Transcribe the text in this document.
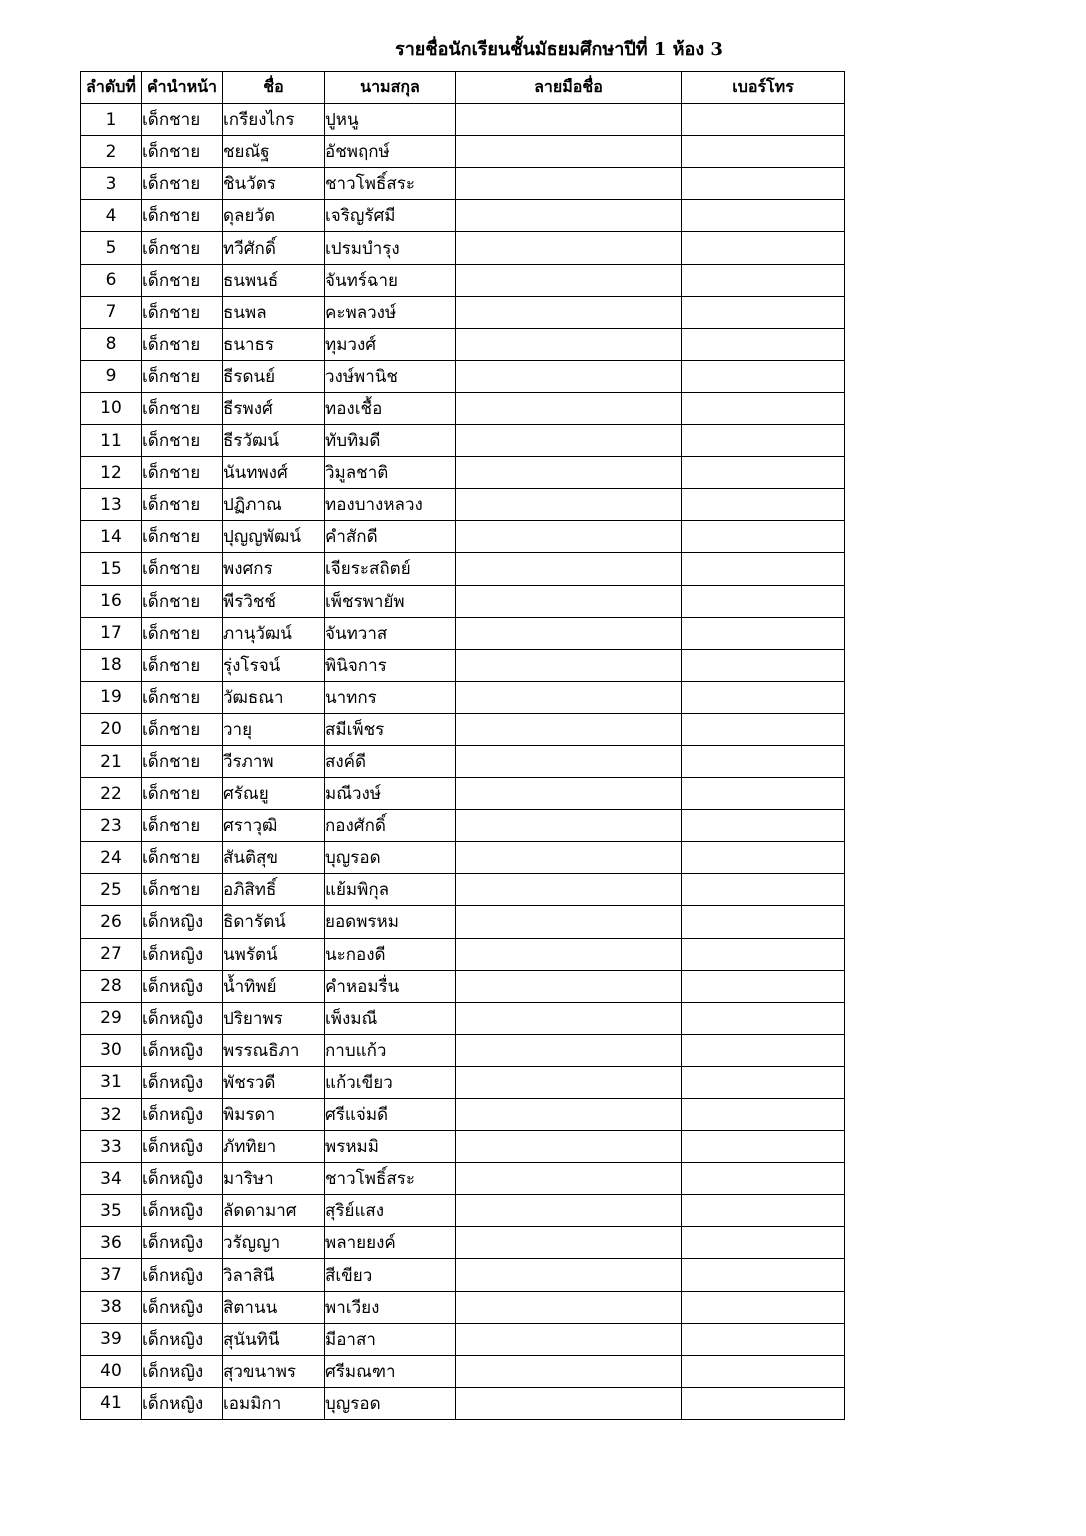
รายชื่อนักเรียนชั้นมัธยมศึกษาปีที่ 1 ห้อง 3
ลำดับที่	คำนำหน้า	ชื่อ	นามสกุล	ลายมือชื่อ	เบอร์โทร
1	เด็กชาย	เกรียงไกร	ปูหนู		
2	เด็กชาย	ชยณัฐ	อัชพฤกษ์		
3	เด็กชาย	ชินวัตร	ชาวโพธิ์สระ		
4	เด็กชาย	ดุลยวัต	เจริญรัศมี		
5	เด็กชาย	ทวีศักดิ์	เปรมบำรุง		
6	เด็กชาย	ธนพนธ์	จันทร์ฉาย		
7	เด็กชาย	ธนพล	คะพลวงษ์		
8	เด็กชาย	ธนาธร	ทุมวงศ์		
9	เด็กชาย	ธีรดนย์	วงษ์พานิช		
10	เด็กชาย	ธีรพงศ์	ทองเชื้อ		
11	เด็กชาย	ธีรวัฒน์	ทับทิมดี		
12	เด็กชาย	นันทพงศ์	วิมูลชาติ		
13	เด็กชาย	ปฏิภาณ	ทองบางหลวง		
14	เด็กชาย	ปุญญพัฒน์	คำสักดี		
15	เด็กชาย	พงศกร	เจียระสถิตย์		
16	เด็กชาย	พีรวิชช์	เพ็ชรพายัพ		
17	เด็กชาย	ภานุวัฒน์	จันทวาส		
18	เด็กชาย	รุ่งโรจน์	พินิจการ		
19	เด็กชาย	วัฒธณา	นาทกร		
20	เด็กชาย	วายุ	สมีเพ็ชร		
21	เด็กชาย	วีรภาพ	สงค์ดี		
22	เด็กชาย	ศรัณยู	มณีวงษ์		
23	เด็กชาย	ศราวุฒิ	กองศักดิ์		
24	เด็กชาย	สันติสุข	บุญรอด		
25	เด็กชาย	อภิสิทธิ์	แย้มพิกุล		
26	เด็กหญิง	ธิดารัตน์	ยอดพรหม		
27	เด็กหญิง	นพรัตน์	นะกองดี		
28	เด็กหญิง	น้ำทิพย์	คำหอมรื่น		
29	เด็กหญิง	ปริยาพร	เพ็งมณี		
30	เด็กหญิง	พรรณธิภา	กาบแก้ว		
31	เด็กหญิง	พัชรวดี	แก้วเขียว		
32	เด็กหญิง	พิมรดา	ศรีแจ่มดี		
33	เด็กหญิง	ภัททิยา	พรหมมิ		
34	เด็กหญิง	มาริษา	ชาวโพธิ์สระ		
35	เด็กหญิง	ลัดดามาศ	สุริย์แสง		
36	เด็กหญิง	วรัญญา	พลายยงค์		
37	เด็กหญิง	วิลาสินี	สีเขียว		
38	เด็กหญิง	สิตานน	พาเวียง		
39	เด็กหญิง	สุนันทินี	มีอาสา		
40	เด็กหญิง	สุวขนาพร	ศรีมณฑา		
41	เด็กหญิง	เอมมิกา	บุญรอด		
